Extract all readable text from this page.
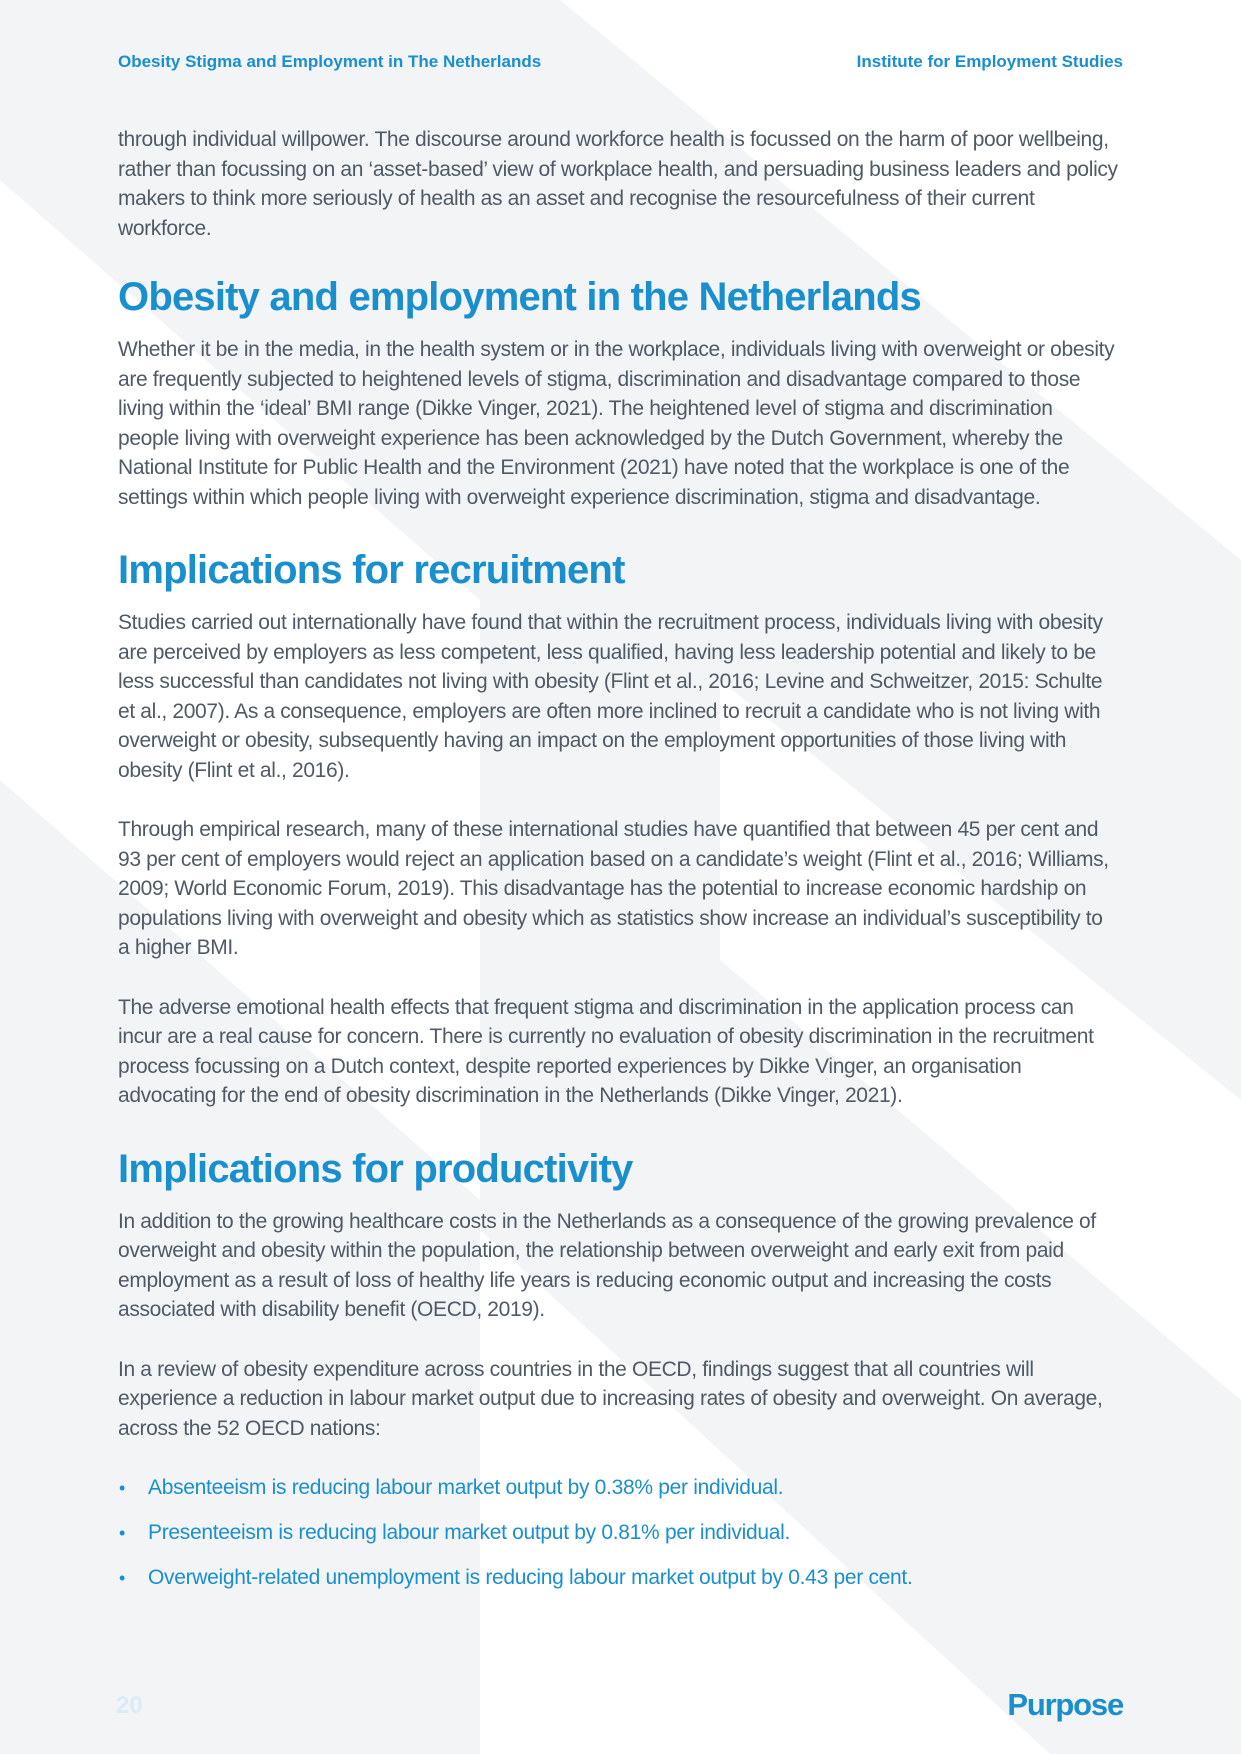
Obesity Stigma and Employment in The Netherlands	Institute for Employment Studies

through individual willpower. The discourse around workforce health is focussed on the harm of poor wellbeing, rather than focussing on an ‘asset-based’ view of workplace health, and persuading business leaders and policy makers to think more seriously of health as an asset and recognise the resourcefulness of their current workforce.

Obesity and employment in the Netherlands

Whether it be in the media, in the health system or in the workplace, individuals living with overweight or obesity are frequently subjected to heightened levels of stigma, discrimination and disadvantage compared to those living within the ‘ideal’ BMI range (Dikke Vinger, 2021). The heightened level of stigma and discrimination people living with overweight experience has been acknowledged by the Dutch Government, whereby the National Institute for Public Health and the Environment (2021) have noted that the workplace is one of the settings within which people living with overweight experience discrimination, stigma and disadvantage.

Implications for recruitment

Studies carried out internationally have found that within the recruitment process, individuals living with obesity are perceived by employers as less competent, less qualified, having less leadership potential and likely to be less successful than candidates not living with obesity (Flint et al., 2016; Levine and Schweitzer, 2015: Schulte et al., 2007). As a consequence, employers are often more inclined to recruit a candidate who is not living with overweight or obesity, subsequently having an impact on the employment opportunities of those living with obesity (Flint et al., 2016).

Through empirical research, many of these international studies have quantified that between 45 per cent and 93 per cent of employers would reject an application based on a candidate’s weight (Flint et al., 2016; Williams, 2009; World Economic Forum, 2019). This disadvantage has the potential to increase economic hardship on populations living with overweight and obesity which as statistics show increase an individual’s susceptibility to a higher BMI.

The adverse emotional health effects that frequent stigma and discrimination in the application process can incur are a real cause for concern. There is currently no evaluation of obesity discrimination in the recruitment process focussing on a Dutch context, despite reported experiences by Dikke Vinger, an organisation advocating for the end of obesity discrimination in the Netherlands (Dikke Vinger, 2021).

Implications for productivity

In addition to the growing healthcare costs in the Netherlands as a consequence of the growing prevalence of overweight and obesity within the population, the relationship between overweight and early exit from paid employment as a result of loss of healthy life years is reducing economic output and increasing the costs associated with disability benefit (OECD, 2019).

In a review of obesity expenditure across countries in the OECD, findings suggest that all countries will experience a reduction in labour market output due to increasing rates of obesity and overweight. On average, across the 52 OECD nations:

• Absenteeism is reducing labour market output by 0.38% per individual.
• Presenteeism is reducing labour market output by 0.81% per individual.
• Overweight-related unemployment is reducing labour market output by 0.43 per cent.
20	Purpose
